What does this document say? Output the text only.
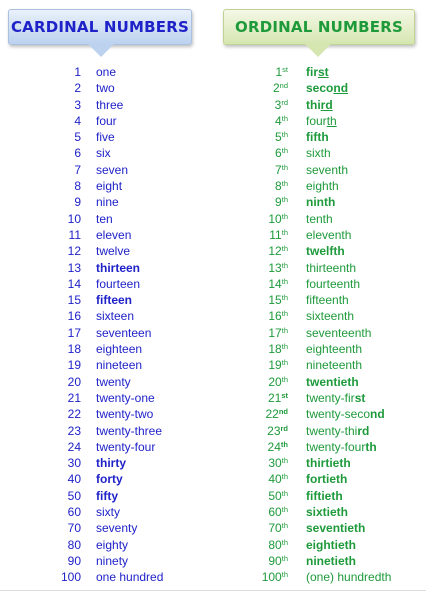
CARDINAL NUMBERS	ORDINAL NUMBERS
1 one	1st first
2 two	2nd second
3 three	3rd third
4 four	4th fourth
5 five	5th fifth
6 six	6th sixth
7 seven	7th seventh
8 eight	8th eighth
9 nine	9th ninth
10 ten	10th tenth
11 eleven	11th eleventh
12 twelve	12th twelfth
13 thirteen	13th thirteenth
14 fourteen	14th fourteenth
15 fifteen	15th fifteenth
16 sixteen	16th sixteenth
17 seventeen	17th seventeenth
18 eighteen	18th eighteenth
19 nineteen	19th nineteenth
20 twenty	20th twentieth
21 twenty-one	21st twenty-first
22 twenty-two	22nd twenty-second
23 twenty-three	23rd twenty-third
24 twenty-four	24th twenty-fourth
30 thirty	30th thirtieth
40 forty	40th fortieth
50 fifty	50th fiftieth
60 sixty	60th sixtieth
70 seventy	70th seventieth
80 eighty	80th eightieth
90 ninety	90th ninetieth
100 one hundred	100th (one) hundredth
